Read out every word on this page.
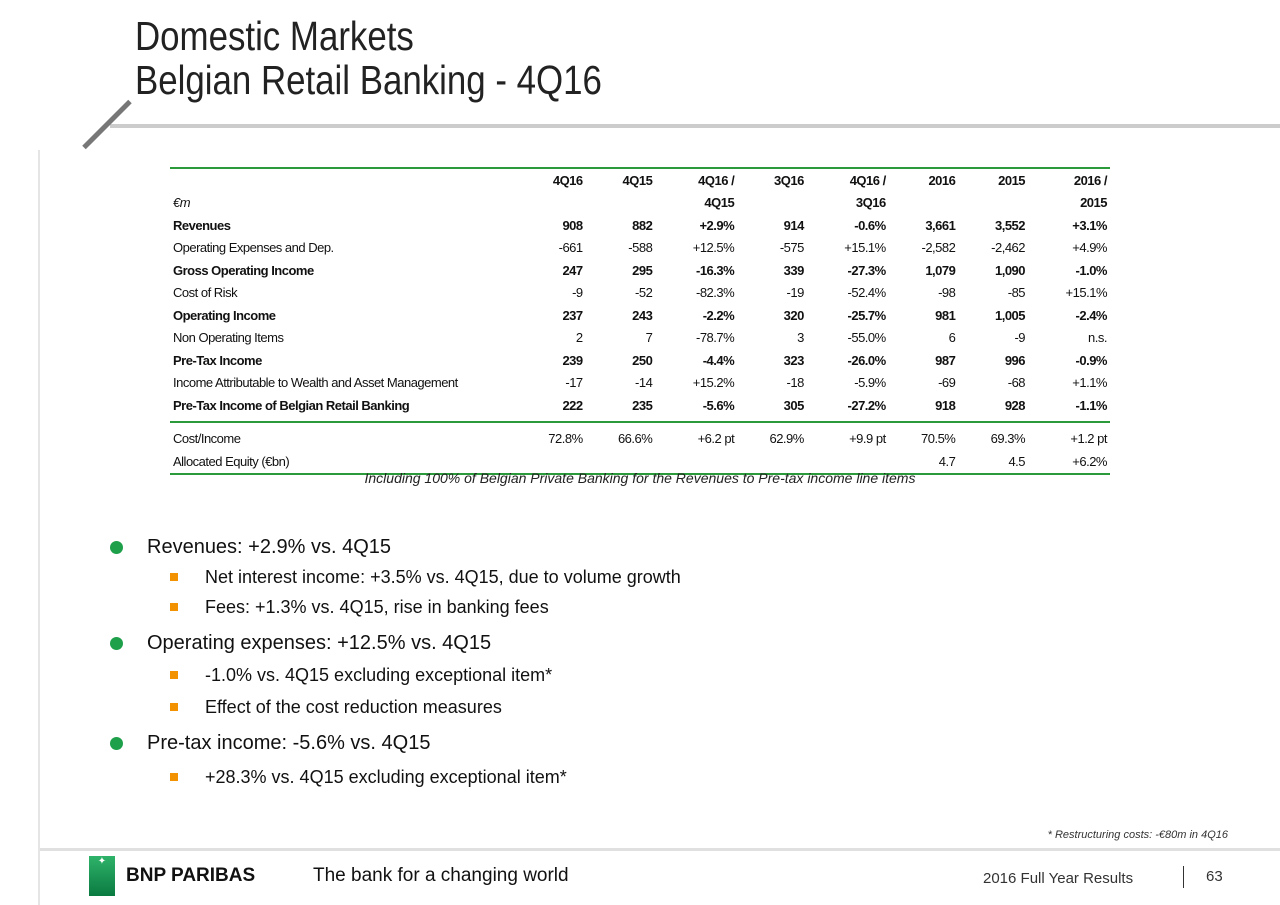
Domestic Markets
Belgian Retail Banking - 4Q16
	4Q16	4Q15	4Q16 /	3Q16	4Q16 /	2016	2015	2016 /
€m			4Q15		3Q16			2015
Revenues	908	882	+2.9%	914	-0.6%	3,661	3,552	+3.1%
Operating Expenses and Dep.	-661	-588	+12.5%	-575	+15.1%	-2,582	-2,462	+4.9%
Gross Operating Income	247	295	-16.3%	339	-27.3%	1,079	1,090	-1.0%
Cost of Risk	-9	-52	-82.3%	-19	-52.4%	-98	-85	+15.1%
Operating Income	237	243	-2.2%	320	-25.7%	981	1,005	-2.4%
Non Operating Items	2	7	-78.7%	3	-55.0%	6	-9	n.s.
Pre-Tax Income	239	250	-4.4%	323	-26.0%	987	996	-0.9%
Income Attributable to Wealth and Asset Management	-17	-14	+15.2%	-18	-5.9%	-69	-68	+1.1%
Pre-Tax Income of Belgian Retail Banking	222	235	-5.6%	305	-27.2%	918	928	-1.1%

Cost/Income	72.8%	66.6%	+6.2 pt	62.9%	+9.9 pt	70.5%	69.3%	+1.2 pt
Allocated Equity (€bn)						4.7	4.5	+6.2%
Including 100% of Belgian Private Banking for the Revenues to Pre-tax income line items
Revenues: +2.9% vs. 4Q15
Net interest income: +3.5% vs. 4Q15, due to volume growth
Fees: +1.3% vs. 4Q15, rise in banking fees
Operating expenses: +12.5% vs. 4Q15
-1.0% vs. 4Q15 excluding exceptional item*
Effect of the cost reduction measures
Pre-tax income: -5.6% vs. 4Q15
+28.3% vs. 4Q15 excluding exceptional item*
* Restructuring costs: -€80m in 4Q16
✦
BNP PARIBAS	The bank for a changing world	2016 Full Year Results	63
